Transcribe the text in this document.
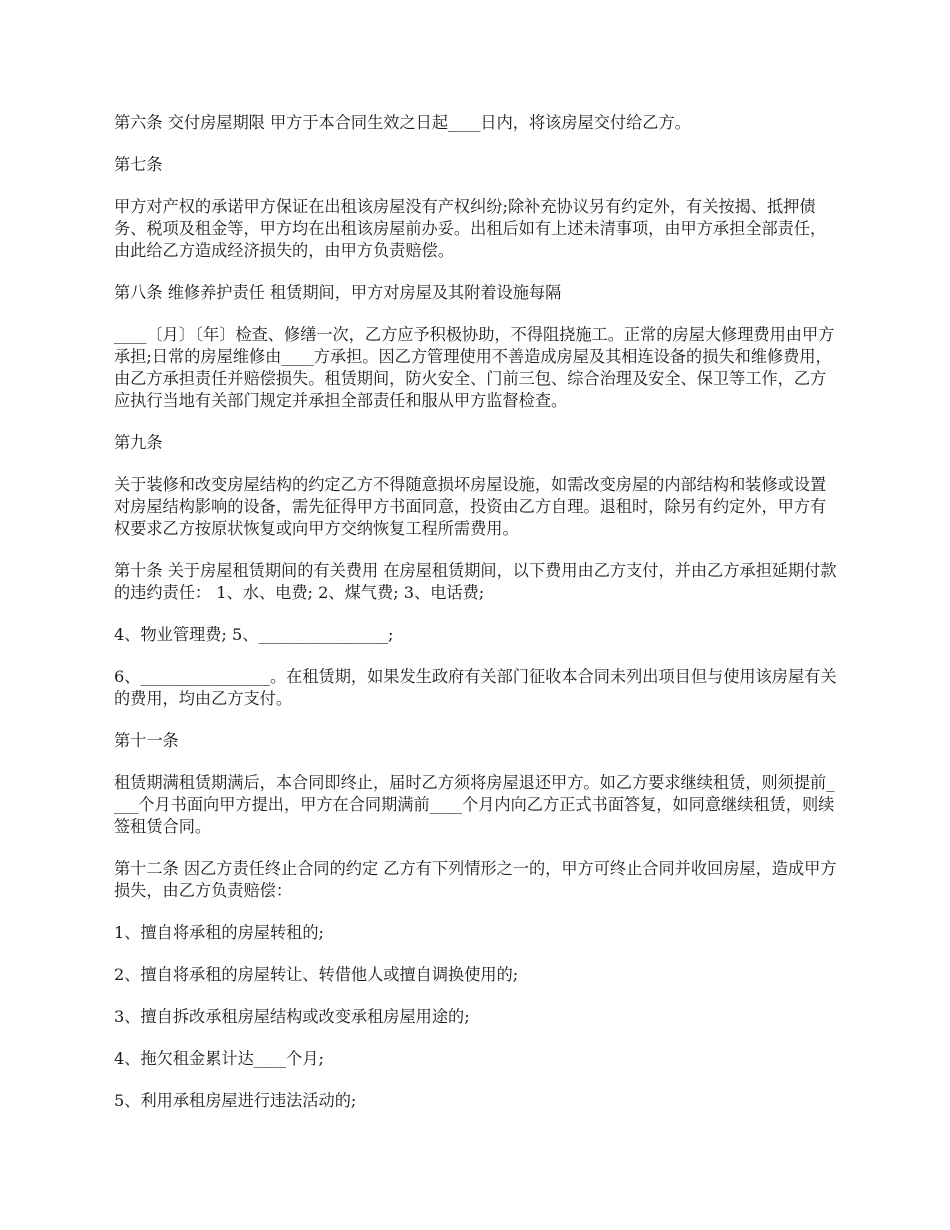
第六条 交付房屋期限 甲方于本合同生效之日起____日内，将该房屋交付给乙方。

第七条

甲方对产权的承诺甲方保证在出租该房屋没有产权纠纷;除补充协议另有约定外，有关按揭、抵押债务、税项及租金等，甲方均在出租该房屋前办妥。出租后如有上述未清事项，由甲方承担全部责任，由此给乙方造成经济损失的，由甲方负责赔偿。

第八条 维修养护责任 租赁期间，甲方对房屋及其附着设施每隔

____〔月〕〔年〕检查、修缮一次，乙方应予积极协助，不得阻挠施工。正常的房屋大修理费用由甲方承担;日常的房屋维修由____方承担。因乙方管理使用不善造成房屋及其相连设备的损失和维修费用，由乙方承担责任并赔偿损失。租赁期间，防火安全、门前三包、综合治理及安全、保卫等工作，乙方应执行当地有关部门规定并承担全部责任和服从甲方监督检查。

第九条

关于装修和改变房屋结构的约定乙方不得随意损坏房屋设施，如需改变房屋的内部结构和装修或设置对房屋结构影响的设备，需先征得甲方书面同意，投资由乙方自理。退租时，除另有约定外，甲方有权要求乙方按原状恢复或向甲方交纳恢复工程所需费用。

第十条 关于房屋租赁期间的有关费用 在房屋租赁期间，以下费用由乙方支付，并由乙方承担延期付款的违约责任： 1、水、电费; 2、煤气费; 3、电话费;

4、物业管理费; 5、________________;

6、________________。在租赁期，如果发生政府有关部门征收本合同未列出项目但与使用该房屋有关的费用，均由乙方支付。

第十一条

租赁期满租赁期满后，本合同即终止，届时乙方须将房屋退还甲方。如乙方要求继续租赁，则须提前____个月书面向甲方提出，甲方在合同期满前____个月内向乙方正式书面答复，如同意继续租赁，则续签租赁合同。

第十二条 因乙方责任终止合同的约定 乙方有下列情形之一的，甲方可终止合同并收回房屋，造成甲方损失，由乙方负责赔偿：

1、擅自将承租的房屋转租的;

2、擅自将承租的房屋转让、转借他人或擅自调换使用的;

3、擅自拆改承租房屋结构或改变承租房屋用途的;

4、拖欠租金累计达____个月;

5、利用承租房屋进行违法活动的;
